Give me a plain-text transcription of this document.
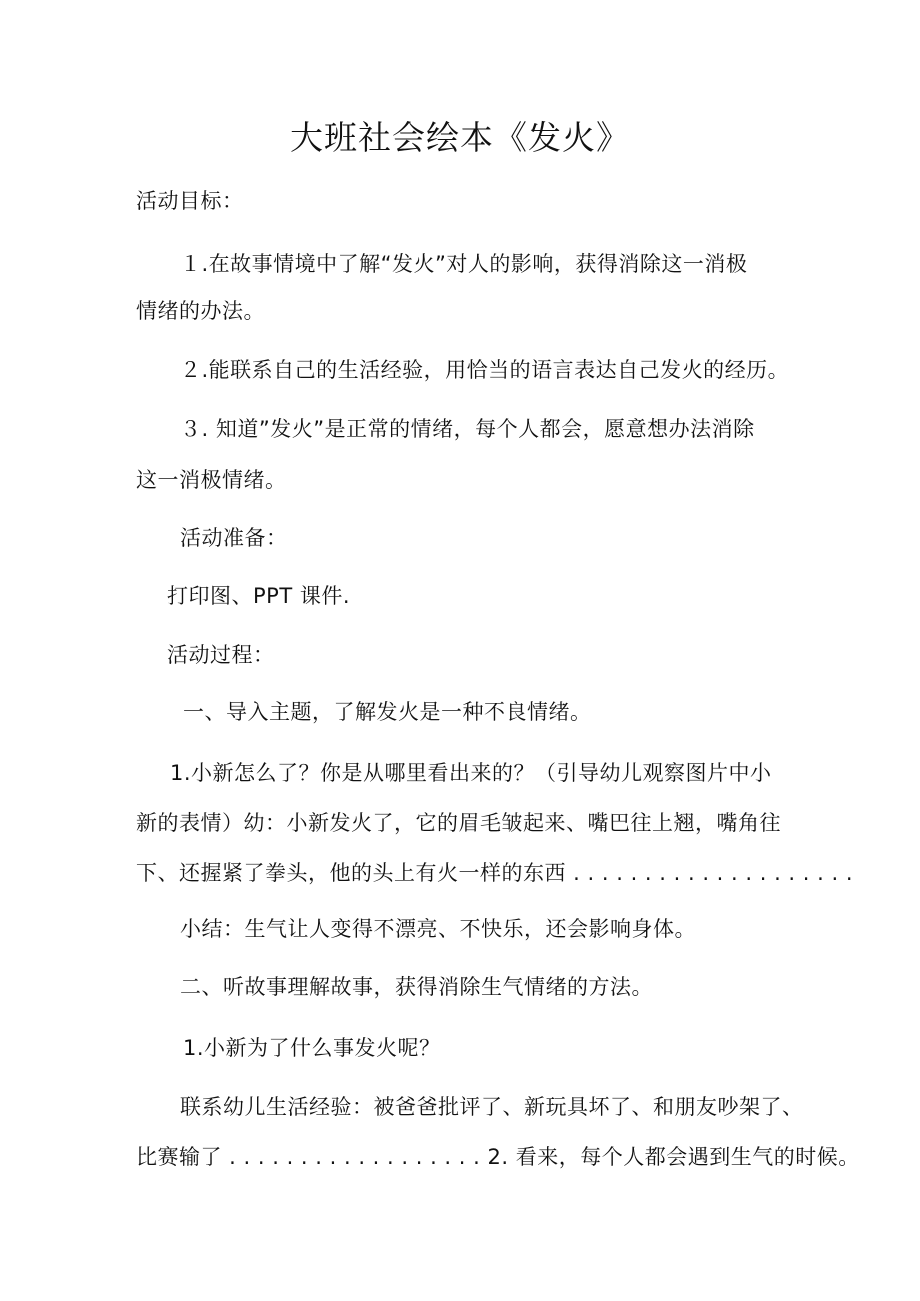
大班社会绘本《发火》
活动目标：
１.在故事情境中了解“发火”对人的影响，获得消除这一消极
情绪的办法。
２.能联系自己的生活经验，用恰当的语言表达自己发火的经历。
３. 知道”发火”是正常的情绪，每个人都会，愿意想办法消除
这一消极情绪。
活动准备：
打印图、PPT 课件.
活动过程：
一、导入主题，了解发火是一种不良情绪。
1.小新怎么了？你是从哪里看出来的？（引导幼儿观察图片中小
新的表情）幼：小新发火了，它的眉毛皱起来、嘴巴往上翘，嘴角往
下、还握紧了拳头，他的头上有火一样的东西 . . . . . . . . . . . . . . . . . . . .
小结：生气让人变得不漂亮、不快乐，还会影响身体。
二、听故事理解故事，获得消除生气情绪的方法。
1.小新为了什么事发火呢？
联系幼儿生活经验：被爸爸批评了、新玩具坏了、和朋友吵架了、
比赛输了 . . . . . . . . . . . . . . . . . . 2. 看来，每个人都会遇到生气的时候。
